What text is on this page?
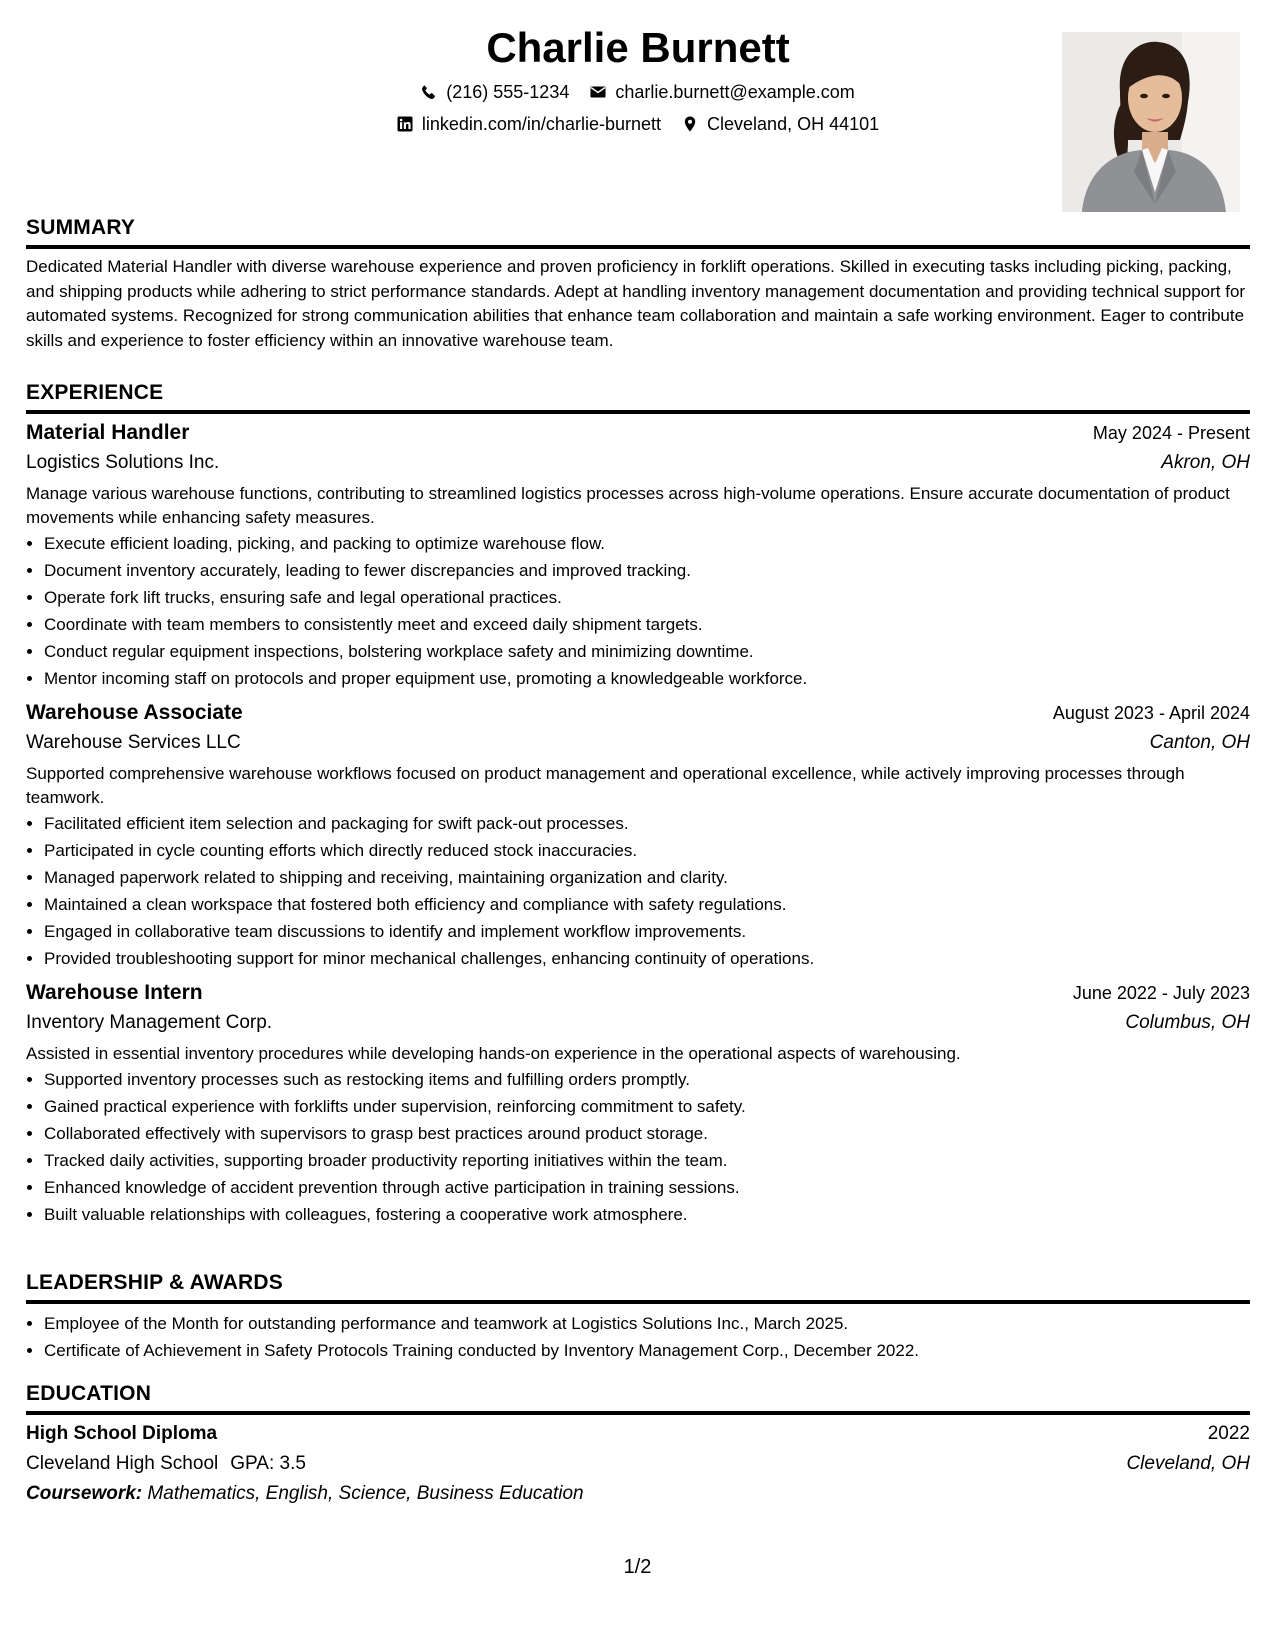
Charlie Burnett
(216) 555-1234	charlie.burnett@example.com
linkedin.com/in/charlie-burnett	Cleveland, OH 44101
SUMMARY

Dedicated Material Handler with diverse warehouse experience and proven proficiency in forklift operations. Skilled in executing tasks including picking, packing, and shipping products while adhering to strict performance standards. Adept at handling inventory management documentation and providing technical support for automated systems. Recognized for strong communication abilities that enhance team collaboration and maintain a safe working environment. Eager to contribute skills and experience to foster efficiency within an innovative warehouse team.

EXPERIENCE
Material Handler	May 2024 - Present
Logistics Solutions Inc.	Akron, OH
Manage various warehouse functions, contributing to streamlined logistics processes across high-volume operations. Ensure accurate documentation of product movements while enhancing safety measures.
• Execute efficient loading, picking, and packing to optimize warehouse flow.
• Document inventory accurately, leading to fewer discrepancies and improved tracking.
• Operate fork lift trucks, ensuring safe and legal operational practices.
• Coordinate with team members to consistently meet and exceed daily shipment targets.
• Conduct regular equipment inspections, bolstering workplace safety and minimizing downtime.
• Mentor incoming staff on protocols and proper equipment use, promoting a knowledgeable workforce.
Warehouse Associate	August 2023 - April 2024
Warehouse Services LLC	Canton, OH
Supported comprehensive warehouse workflows focused on product management and operational excellence, while actively improving processes through teamwork.
• Facilitated efficient item selection and packaging for swift pack-out processes.
• Participated in cycle counting efforts which directly reduced stock inaccuracies.
• Managed paperwork related to shipping and receiving, maintaining organization and clarity.
• Maintained a clean workspace that fostered both efficiency and compliance with safety regulations.
• Engaged in collaborative team discussions to identify and implement workflow improvements.
• Provided troubleshooting support for minor mechanical challenges, enhancing continuity of operations.
Warehouse Intern	June 2022 - July 2023
Inventory Management Corp.	Columbus, OH
Assisted in essential inventory procedures while developing hands-on experience in the operational aspects of warehousing.
• Supported inventory processes such as restocking items and fulfilling orders promptly.
• Gained practical experience with forklifts under supervision, reinforcing commitment to safety.
• Collaborated effectively with supervisors to grasp best practices around product storage.
• Tracked daily activities, supporting broader productivity reporting initiatives within the team.
• Enhanced knowledge of accident prevention through active participation in training sessions.
• Built valuable relationships with colleagues, fostering a cooperative work atmosphere.
LEADERSHIP & AWARDS
• Employee of the Month for outstanding performance and teamwork at Logistics Solutions Inc., March 2025.
• Certificate of Achievement in Safety Protocols Training conducted by Inventory Management Corp., December 2022.
EDUCATION
High School Diploma	2022
Cleveland High School GPA: 3.5	Cleveland, OH
Coursework: Mathematics, English, Science, Business Education
1/2
